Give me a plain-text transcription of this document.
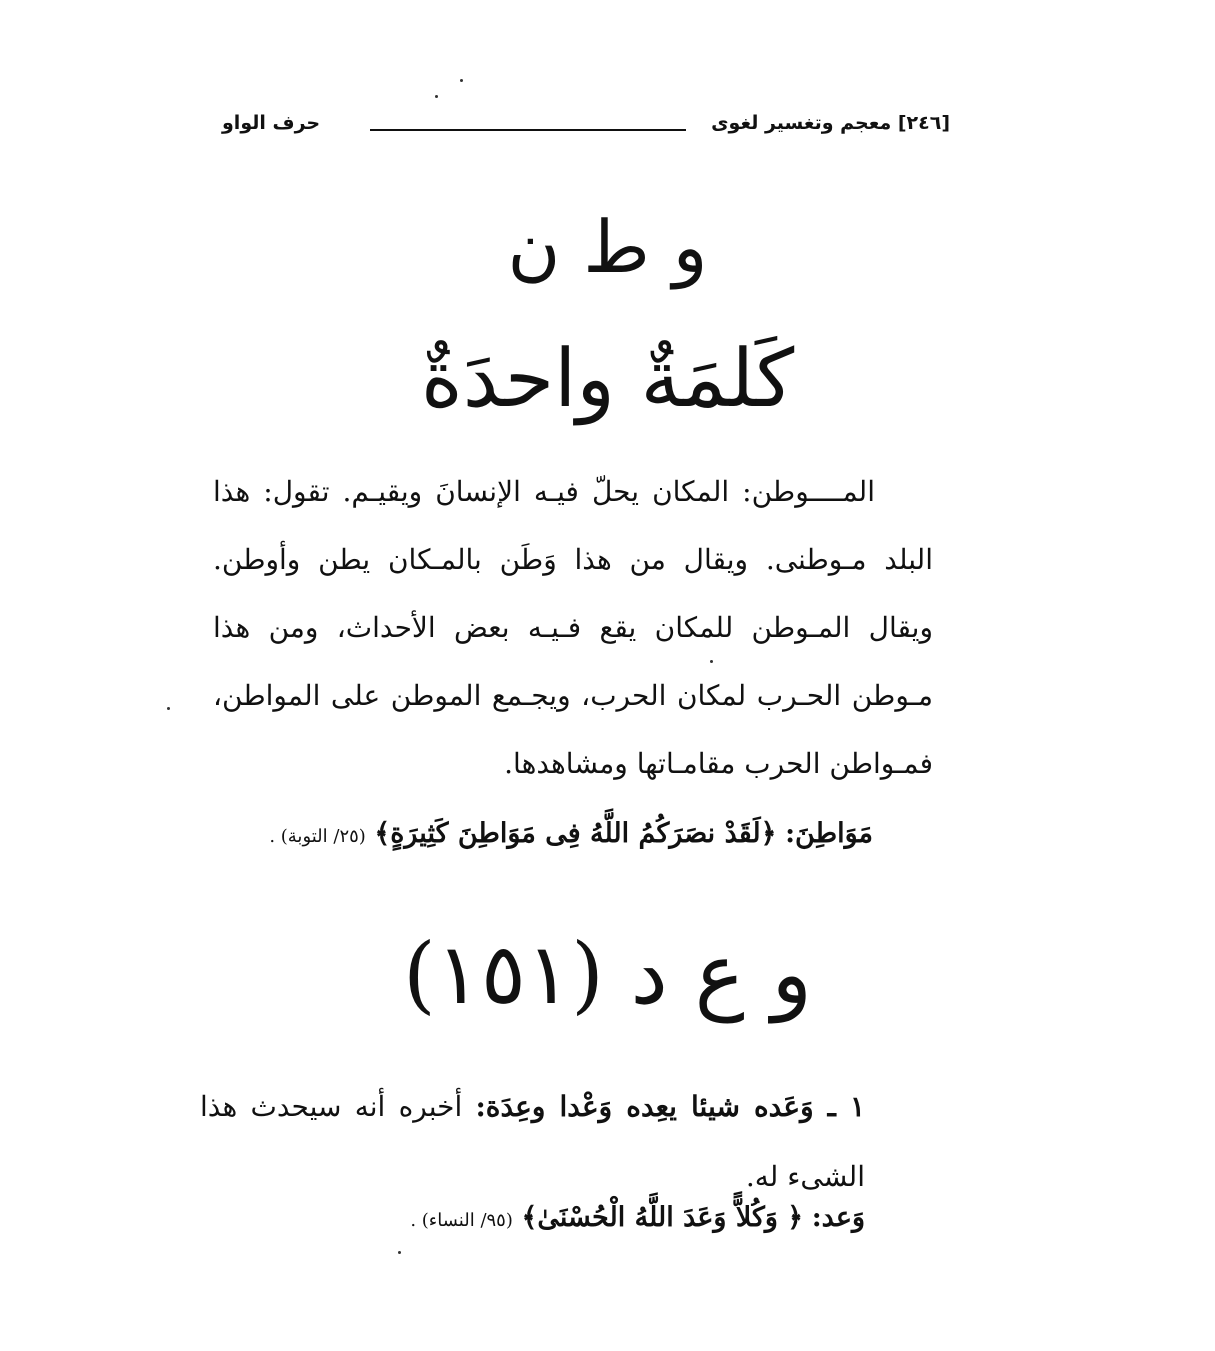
[٢٤٦] معجم وتغسير لغوى
حرف الواو
و ط ن
كَلمَةٌ واحدَةٌ

المــــوطن: المكان يحلّ فيـه الإنسانَ ويقيـم. تقول: هذا البلد مـوطنى. ويقال من هذا وَطَن بالمـكان يطن وأوطن. ويقال المـوطن للمكان يقع فـيـه بعض الأحداث، ومن هذا مـوطن الحـرب لمكان الحرب، ويجـمع الموطن على المواطن، فمـواطن الحرب مقامـاتها ومشاهدها.

مَوَاطِنَ: ﴿لَقَدْ نصَرَكُمُ اللَّهُ فِى مَوَاطِنَ كَثِيرَةٍ﴾ (٢٥/ التوبة) .
و ع د (١٥١)

١ ـ وَعَده شيئا يعِده وَعْدا وعِدَة: أخبره أنه سيحدث هذا الشىء له.

وَعد: ﴿ وَكُلاًّ وَعَدَ اللَّهُ الْحُسْنَىٰ﴾ (٩٥/ النساء) .
